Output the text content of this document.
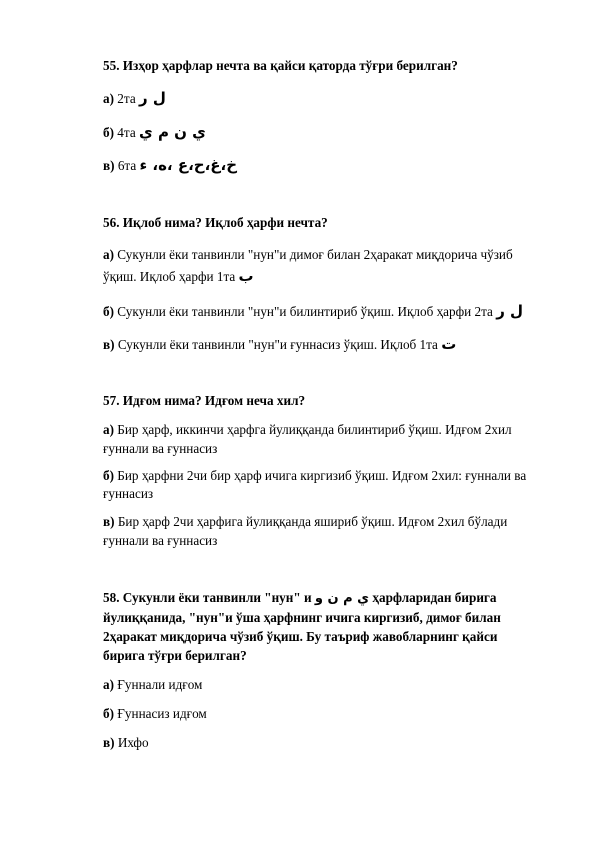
55. Изҳор ҳарфлар нечта ва қайси қаторда тўғри берилган?

а) 2та ل ر

б) 4та ي ن م ي

в) 6та خ،غ،ح،ع ،ه، ء

56. Иқлоб нима? Иқлоб ҳарфи нечта?

а) Сукунли ёки танвинли "нун"и димоғ билан 2ҳаракат миқдорича чўзиб

ўқиш. Иқлоб ҳарфи 1та ب

б) Сукунли ёки танвинли "нун"и билинтириб ўқиш. Иқлоб ҳарфи 2та ل ر

в) Сукунли ёки танвинли "нун"и ғуннасиз ўқиш. Иқлоб 1та ت

57. Идғом нима? Идғом неча хил?

а) Бир ҳарф, иккинчи ҳарфга йулиққанда билинтириб ўқиш. Идғом 2хил

ғуннали ва ғуннасиз

б) Бир ҳарфни 2чи бир ҳарф ичига киргизиб ўқиш. Идғом 2хил: ғуннали ва

ғуннасиз

в) Бир ҳарф 2чи ҳарфига йулиққанда яшириб ўқиш. Идғом 2хил бўлади

ғуннали ва ғуннасиз

58. Сукунли ёки танвинли "нун" и ي م ن و ҳарфларидан бирига

йулиққанида, "нун"и ўша ҳарфнинг ичига киргизиб, димоғ билан

2ҳаракат миқдорича чўзиб ўқиш. Бу таъриф жавобларнинг қайси

бирига тўғри берилган?

а) Ғуннали идғом

б) Ғуннасиз идғом

в) Ихфо
